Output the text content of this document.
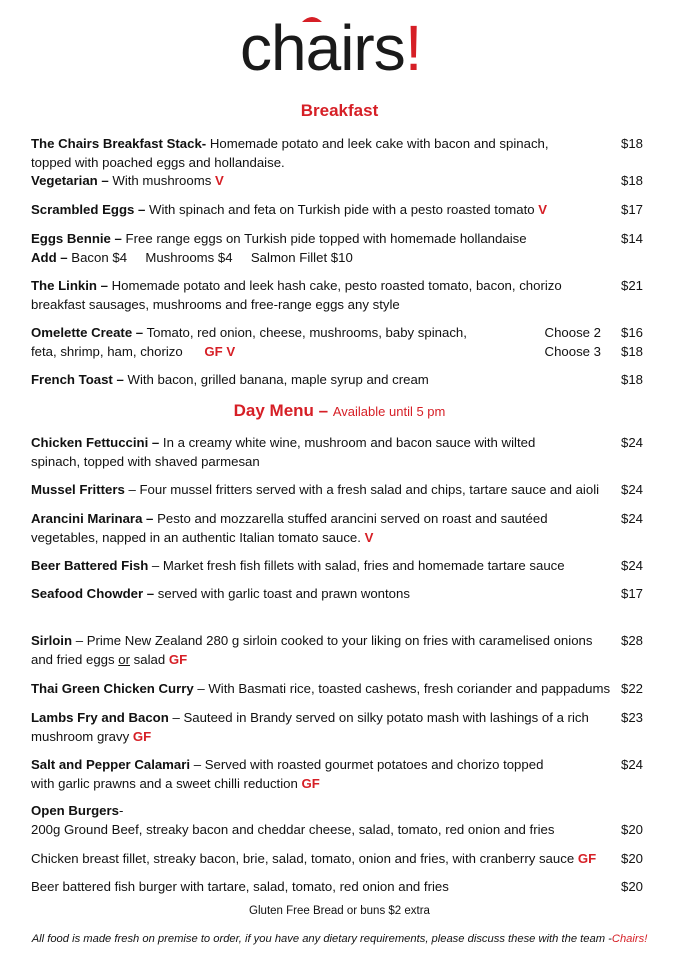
chairs!
Breakfast
The Chairs Breakfast Stack- Homemade potato and leek cake with bacon and spinach,
topped with poached eggs and hollandaise.
$18
Vegetarian – With mushrooms V	$18
Scrambled Eggs – With spinach and feta on Turkish pide with a pesto roasted tomato V	$17
Eggs Bennie – Free range eggs on Turkish pide topped with homemade hollandaise
Add – Bacon $4     Mushrooms $4     Salmon Fillet $10
$14
The Linkin – Homemade potato and leek hash cake, pesto roasted tomato, bacon, chorizo
breakfast sausages, mushrooms and free-range eggs any style
$21
Omelette Create – Tomato, red onion, cheese, mushrooms, baby spinach,
feta, shrimp, ham, chorizo GF V
Choose 2	$16
Choose 3	$18
French Toast – With bacon, grilled banana, maple syrup and cream	$18
Day Menu – Available until 5 pm
Chicken Fettuccini – In a creamy white wine, mushroom and bacon sauce with wilted
spinach, topped with shaved parmesan
$24
Mussel Fritters – Four mussel fritters served with a fresh salad and chips, tartare sauce and aioli	$24
Arancini Marinara – Pesto and mozzarella stuffed arancini served on roast and sautéed
vegetables, napped in an authentic Italian tomato sauce. V
$24
Beer Battered Fish – Market fresh fish fillets with salad, fries and homemade tartare sauce	$24
Seafood Chowder – served with garlic toast and prawn wontons	$17
Sirloin – Prime New Zealand 280 g sirloin cooked to your liking on fries with caramelised onions
and fried eggs or salad GF
$28
Thai Green Chicken Curry – With Basmati rice, toasted cashews, fresh coriander and pappadums $22
Lambs Fry and Bacon – Sauteed in Brandy served on silky potato mash with lashings of a rich
mushroom gravy GF
$23
Salt and Pepper Calamari – Served with roasted gourmet potatoes and chorizo topped
with garlic prawns and a sweet chilli reduction GF
$24
Open Burgers-
200g Ground Beef, streaky bacon and cheddar cheese, salad, tomato, red onion and fries	$20
Chicken breast fillet, streaky bacon, brie, salad, tomato, onion and fries, with cranberry sauce GF	$20
Beer battered fish burger with tartare, salad, tomato, red onion and fries	$20
Gluten Free Bread or buns $2 extra
All food is made fresh on premise to order, if you have any dietary requirements, please discuss these with the team -Chairs!
